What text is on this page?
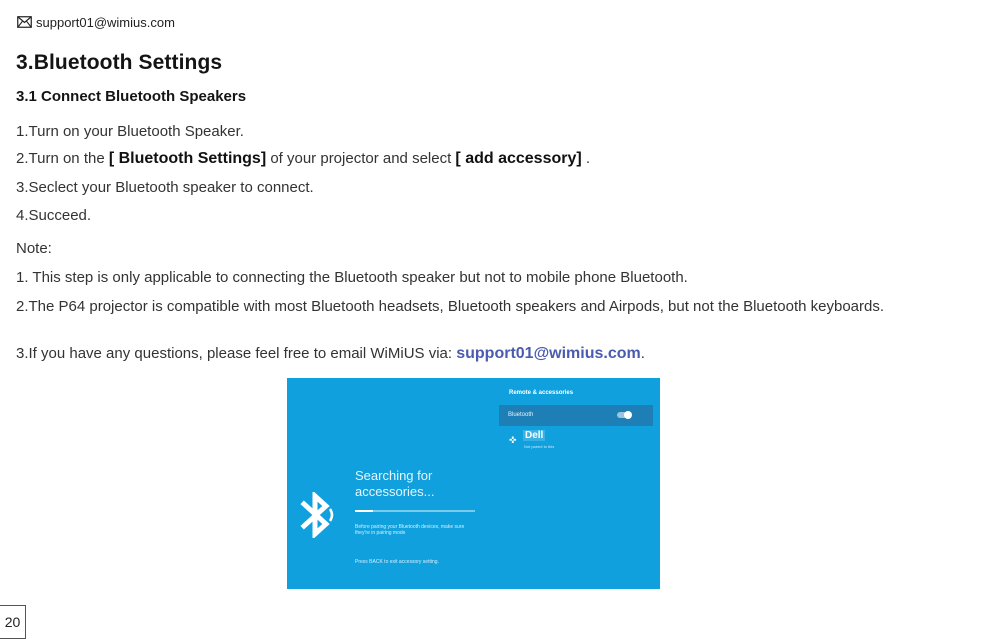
support01@wimius.com
3.Bluetooth Settings
3.1 Connect Bluetooth Speakers

1.Turn on your Bluetooth Speaker.

2.Turn on the [ Bluetooth Settings] of your projector and select [ add accessory] .

3.Seclect your Bluetooth speaker to connect.

4.Succeed.

Note:

1. This step is only applicable to connecting the Bluetooth speaker but not to mobile phone Bluetooth.

2.The P64 projector is compatible with most Bluetooth headsets, Bluetooth speakers and Airpods, but not the Bluetooth keyboards.

3.If you have any questions, please feel free to email WiMiUS via: support01@wimius.com.

Searching for accessories...
Before pairing your Bluetooth devices, make sure they're in pairing mode
Press BACK to exit accessory setting.
Remote & accessories
Bluetooth
✜ Dell
Not paired to this
20
